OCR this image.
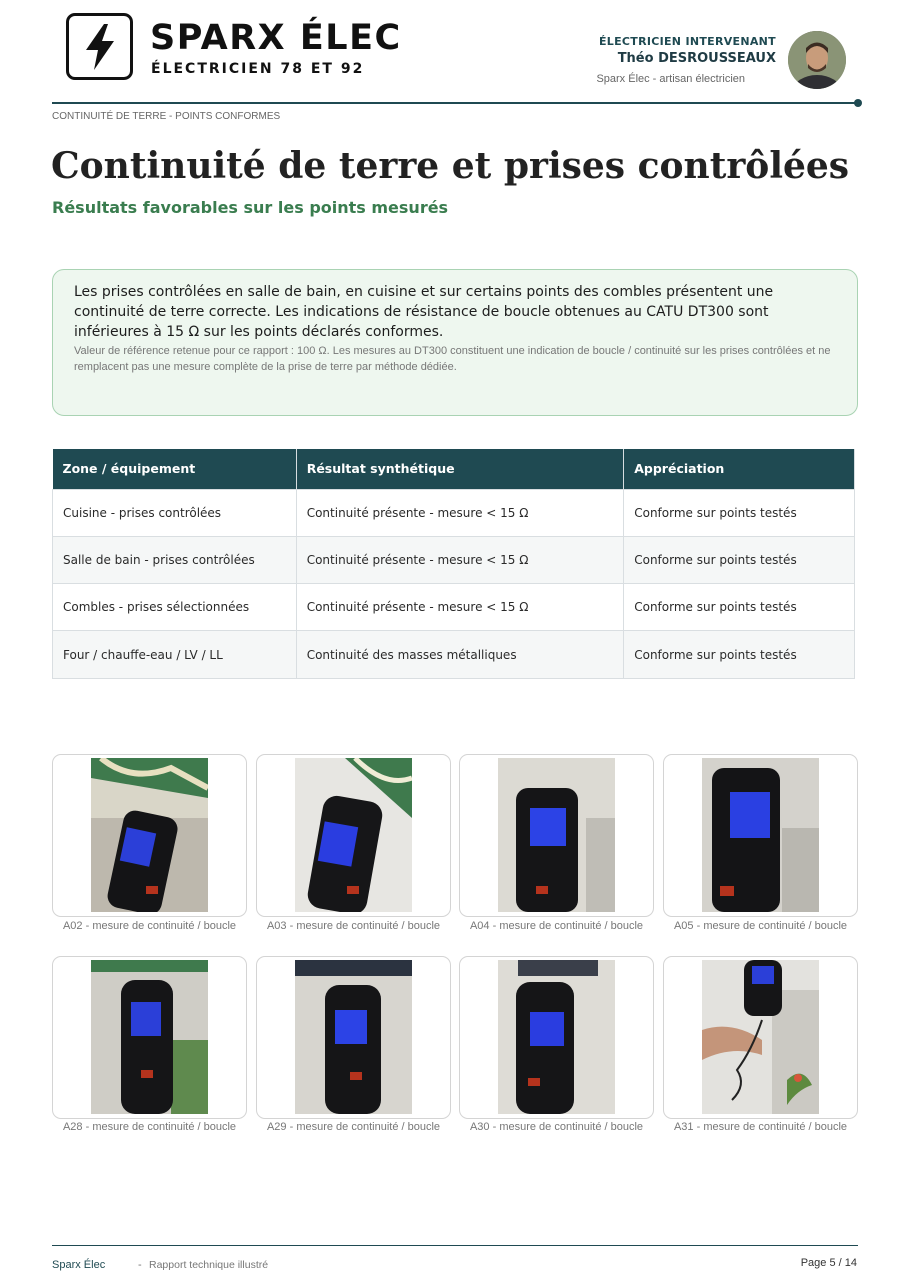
SPARX ÉLEC
ÉLECTRICIEN 78 ET 92
ÉLECTRICIEN INTERVENANT
Théo DESROUSSEAUX
Sparx Élec - artisan électricien
CONTINUITÉ DE TERRE - POINTS CONFORMES
Continuité de terre et prises contrôlées
Résultats favorables sur les points mesurés

Les prises contrôlées en salle de bain, en cuisine et sur certains points des combles présentent une continuité de terre correcte. Les indications de résistance de boucle obtenues au CATU DT300 sont inférieures à 15 Ω sur les points déclarés conformes.

Valeur de référence retenue pour ce rapport : 100 Ω. Les mesures au DT300 constituent une indication de boucle / continuité sur les prises contrôlées et ne remplacent pas une mesure complète de la prise de terre par méthode dédiée.

Zone / équipement	Résultat synthétique	Appréciation
Cuisine - prises contrôlées	Continuité présente - mesure < 15 Ω	Conforme sur points testés
Salle de bain - prises contrôlées	Continuité présente - mesure < 15 Ω	Conforme sur points testés
Combles - prises sélectionnées	Continuité présente - mesure < 15 Ω	Conforme sur points testés
Four / chauffe-eau / LV / LL	Continuité des masses métalliques	Conforme sur points testés
A02 - mesure de continuité / boucle	A03 - mesure de continuité / boucle	A04 - mesure de continuité / boucle	A05 - mesure de continuité / boucle
A28 - mesure de continuité / boucle	A29 - mesure de continuité / boucle	A30 - mesure de continuité / boucle	A31 - mesure de continuité / boucle
Sparx Élec	- Rapport technique illustré	Page 5 / 14
